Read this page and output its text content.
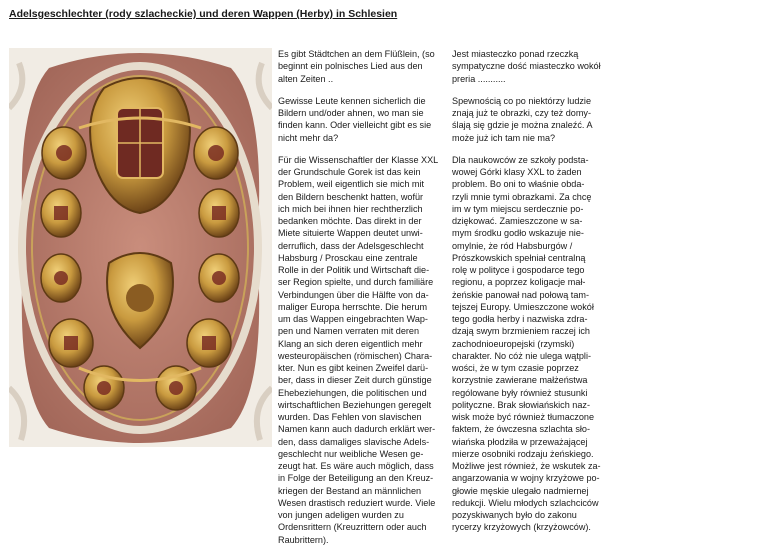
Adelsgeschlechter (rody szlacheckie) und deren Wappen (Herby) in Schlesien

Es gibt Städtchen an dem Flüßlein, (so
beginnt ein polnisches Lied aus den
alten Zeiten ..

Gewisse Leute kennen sicherlich die
Bildern und/oder ahnen, wo man sie
finden kann. Oder vielleicht gibt es sie
nicht mehr da?

Für die Wissenschaftler der Klasse XXL
der Grundschule Gorek ist das kein
Problem, weil eigentlich sie mich mit
den Bildern beschenkt hatten, wofür
ich mich bei ihnen hier rechtherzlich
bedanken möchte. Das direkt in der
Miete situierte Wappen deutet unwi-
derruflich, dass der Adelsgeschlecht
Habsburg / Prosckau eine zentrale
Rolle in der Politik und Wirtschaft die-
ser Region spielte, und durch familiäre
Verbindungen über die Hälfte von da-
maliger Europa herrschte. Die herum
um das Wappen eingebrachten Wap-
pen und Namen verraten mit deren
Klang an sich deren eigentlich mehr
westeuropäischen (römischen) Chara-
kter. Nun es gibt keinen Zweifel darü-
ber, dass in dieser Zeit durch günstige
Ehebeziehungen, die politischen und
wirtschaftlichen Beziehungen geregelt
wurden. Das Fehlen von slavischen
Namen kann auch dadurch erklärt wer-
den, dass damaliges slavische Adels-
geschlecht nur weibliche Wesen ge-
zeugt hat. Es wäre auch möglich, dass
in Folge der Beteiligung an den Kreuz-
kriegen der Bestand an männlichen
Wesen drastisch reduziert wurde. Viele
von jungen adeligen wurden zu
Ordensrittern (Kreuzrittern oder auch
Raubrittern).

Jest miasteczko ponad rzeczką
sympatyczne dość miasteczko wokół
preria ...........

Spewnością co po niektórzy ludzie
znają już te obrazki, czy też domy-
ślają się gdzie je można znaleźć. A
może już ich tam nie ma?

Dla naukowców ze szkoły podsta-
wowej Górki klasy XXL to żaden
problem. Bo oni to właśnie obda-
rzyli mnie tymi obrazkami. Za chcę
im w tym miejscu serdecznie po-
dziękować. Zamieszczone w sa-
mym środku godło wskazuje nie-
omylnie, że ród Habsburgów /
Prószkowskich spełniał centralną
rolę w polityce i gospodarce tego
regionu, a poprzez koligacje mał-
żeńskie panował nad połową tam-
tejszej Europy. Umieszczone wokół
tego godła herby i nazwiska zdra-
dzają swym brzmieniem raczej ich
zachodnioeuropejski (rzymski)
charakter. No cóż nie ulega wątpli-
wości, że w tym czasie poprzez
korzystnie zawierane małżeństwa
rególowane były również stusunki
polityczne. Brak słowiańskich naz-
wisk może być również tłumaczone
faktem, że ówczesna szlachta sło-
wiańska płodziła w przeważającej
mierze osobniki rodzaju żeńskiego.
Możliwe jest również, że wskutek za-
angarzowania w wojny krzyżowe po-
głowie męskie ulegało nadmiernej
redukcji. Wielu młodych szlachciców
pozyskiwanych było do zakonu
rycerzy krzyżowych (krzyżowców).
